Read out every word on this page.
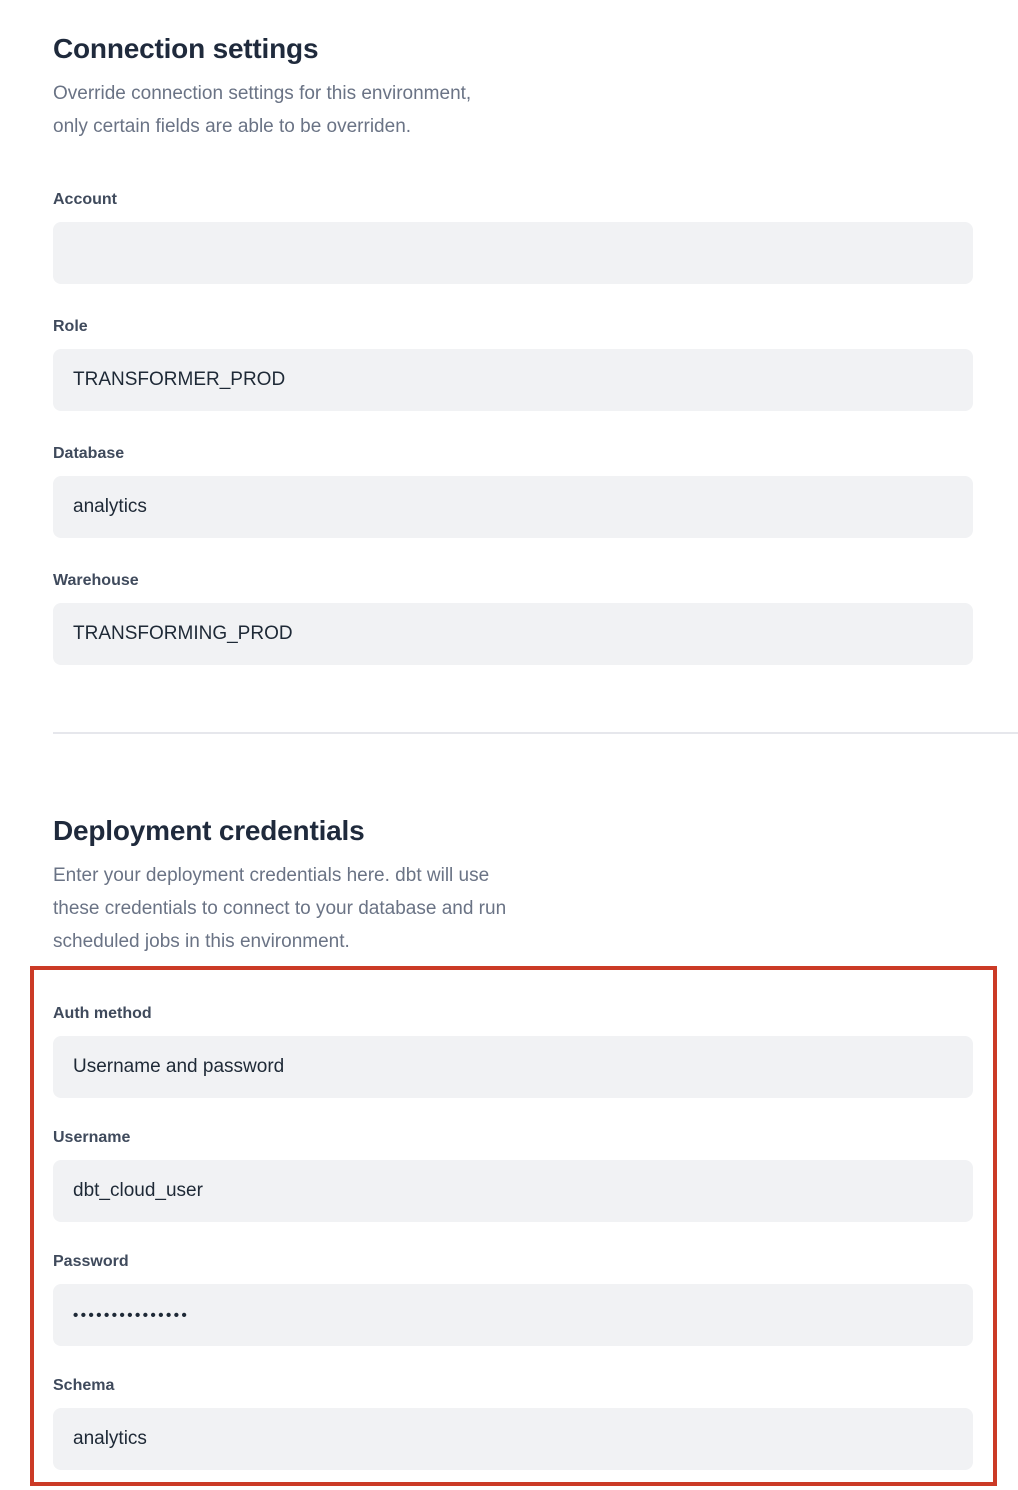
Connection settings
Override connection settings for this environment,
only certain fields are able to be overriden.
Account
Role
TRANSFORMER_PROD
Database
analytics
Warehouse
TRANSFORMING_PROD
Deployment credentials
Enter your deployment credentials here. dbt will use
these credentials to connect to your database and run
scheduled jobs in this environment.
Auth method
Username and password
Username
dbt_cloud_user
Password
•••••••••••••••
Schema
analytics
